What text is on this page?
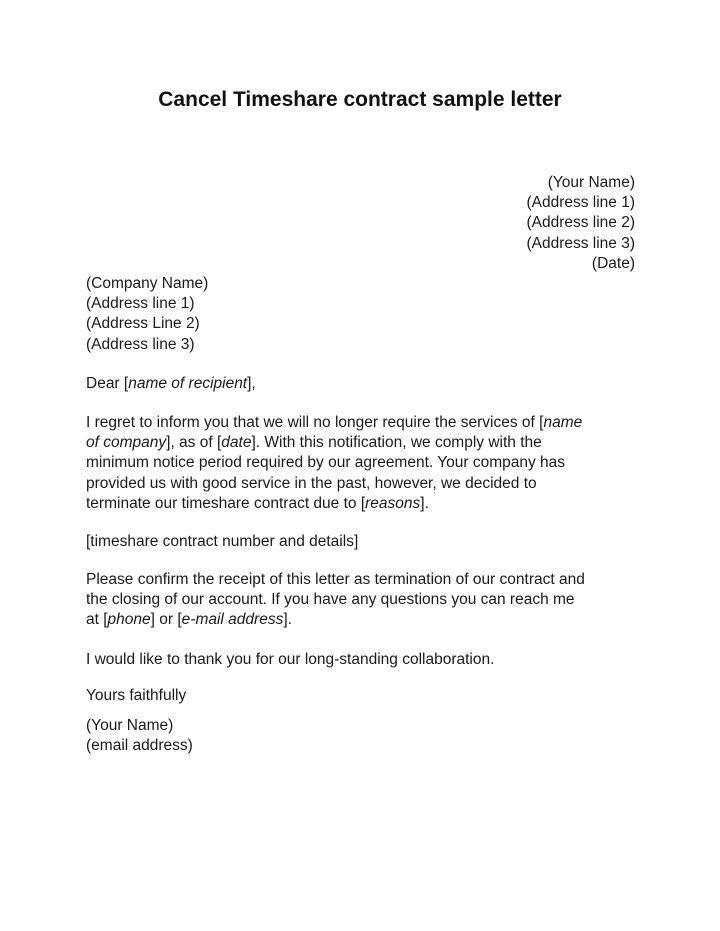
Cancel Timeshare contract sample letter
(Your Name)
(Address line 1)
(Address line 2)
(Address line 3)
(Date)
(Company Name)
(Address line 1)
(Address Line 2)
(Address line 3)
Dear [name of recipient],
I regret to inform you that we will no longer require the services of [name
of company], as of [date]. With this notification, we comply with the
minimum notice period required by our agreement. Your company has
provided us with good service in the past, however, we decided to
terminate our timeshare contract due to [reasons].
[timeshare contract number and details]
Please confirm the receipt of this letter as termination of our contract and
the closing of our account. If you have any questions you can reach me
at [phone] or [e-mail address].
I would like to thank you for our long-standing collaboration.
Yours faithfully
(Your Name)
(email address)
